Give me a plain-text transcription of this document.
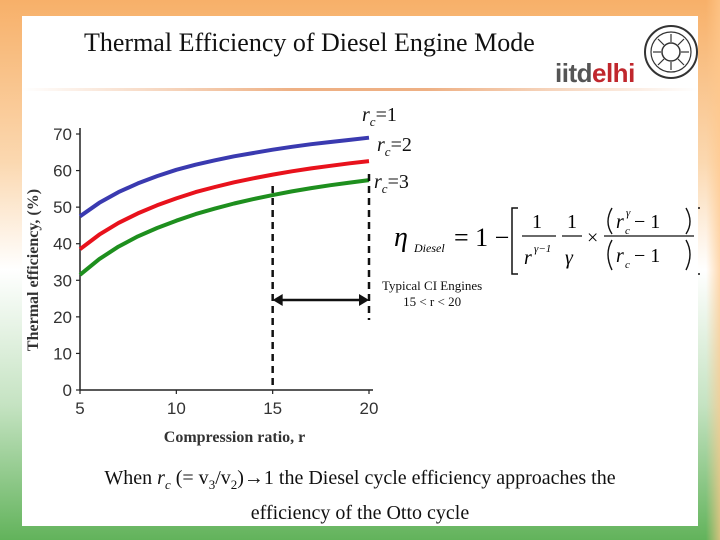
Thermal Efficiency of Diesel Engine Mode
iitdelhi
0
10
20
30
40
50
60
70
5	10	15	20
Compression ratio, r
Thermal efficiency, (%)
$r_c=1$
$r_c=2$
$r_c=3$
η Diesel = 1 −
1
r γ−1
1
γ
×
r c
γ − 1
r c − 1
Typical CI Engines
15 < r < 20
When $r_c$ (= $v_3/v_2)\to 1$ the Diesel cycle efficiency approaches the
efficiency of the Otto cycle
